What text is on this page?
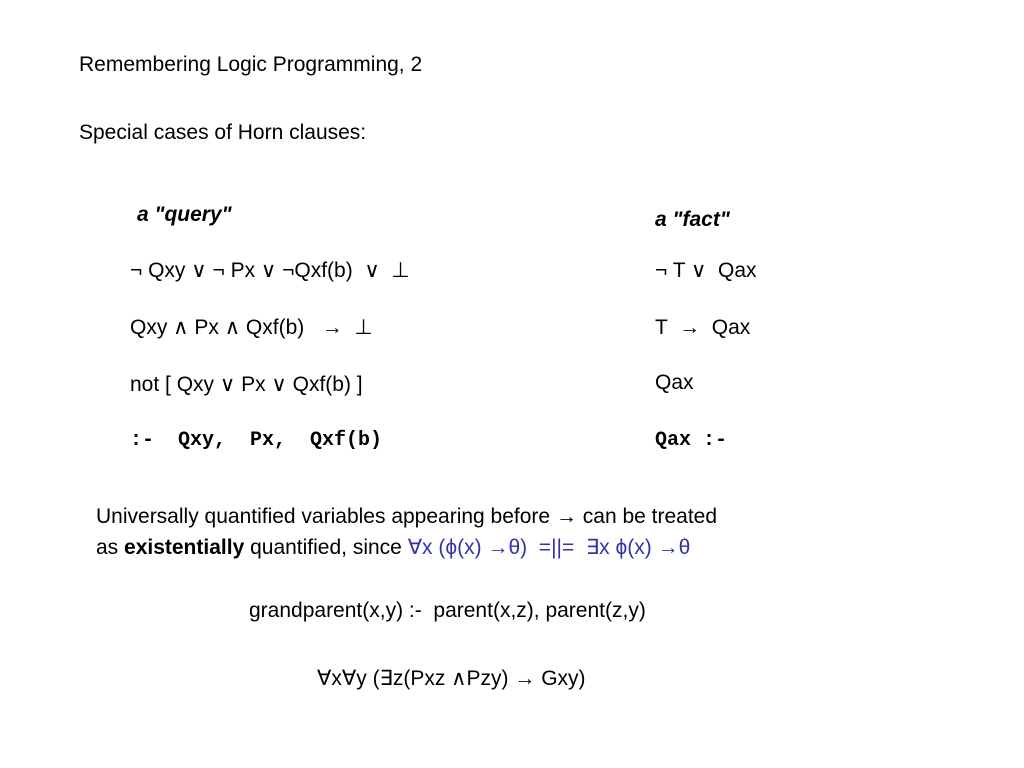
Remembering Logic Programming, 2

Special cases of Horn clauses:

a "query"

¬ Qxy ∨ ¬ Px ∨ ¬Qxf(b)  ∨  ⊥

Qxy ∧ Px ∧ Qxf(b)   →  ⊥

not [ Qxy ∨ Px ∨ Qxf(b) ]

:-  Qxy,  Px,  Qxf(b)

a "fact"

¬ T ∨  Qax

T  →  Qax

Qax

Qax :-

Universally quantified variables appearing before → can be treated

as existentially quantified, since ∀x (ϕ(x) →θ)  =||=  ∃x ϕ(x) →θ

grandparent(x,y) :-  parent(x,z), parent(z,y)

∀x∀y (∃z(Pxz ∧Pzy) → Gxy)
